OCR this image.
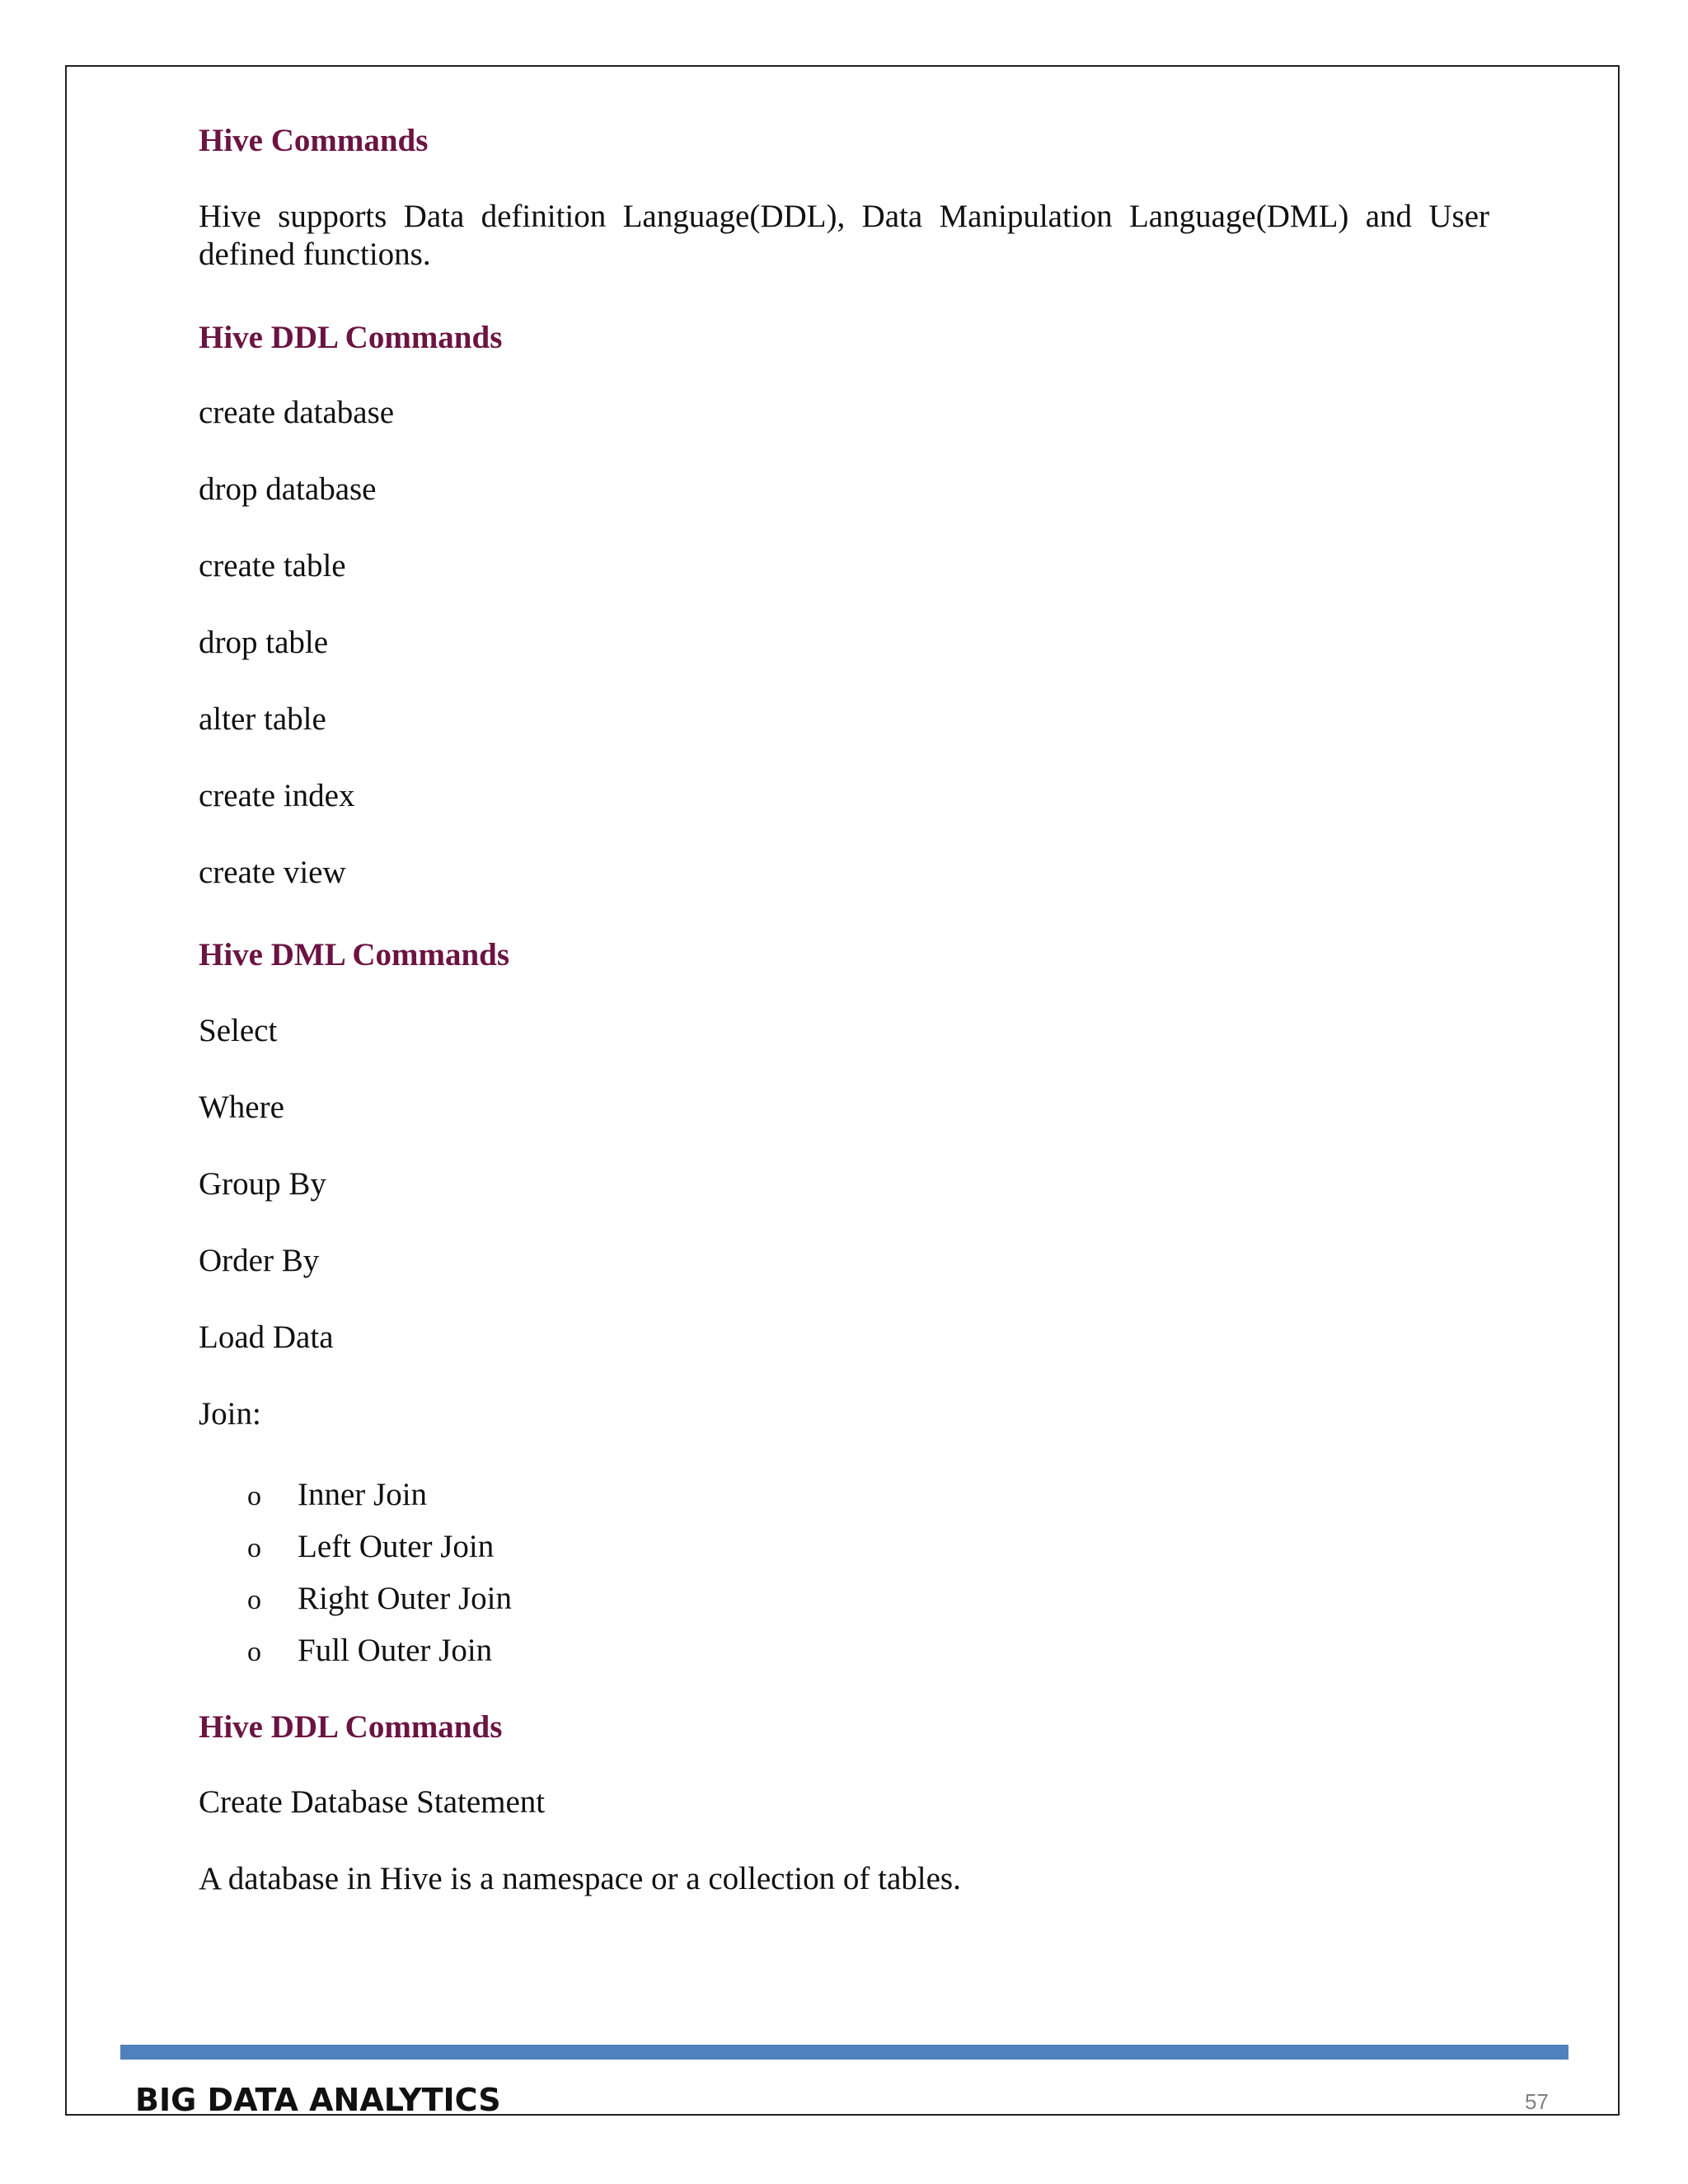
Hive Commands

Hive supports Data definition Language(DDL), Data Manipulation Language(DML) and User defined functions.

Hive DDL Commands

create database

drop database

create table

drop table

alter table

create index

create view

Hive DML Commands

Select

Where

Group By

Order By

Load Data

Join:

o Inner Join
o Left Outer Join
o Right Outer Join
o Full Outer Join
Hive DDL Commands

Create Database Statement

A database in Hive is a namespace or a collection of tables.

BIG DATA ANALYTICS	57
